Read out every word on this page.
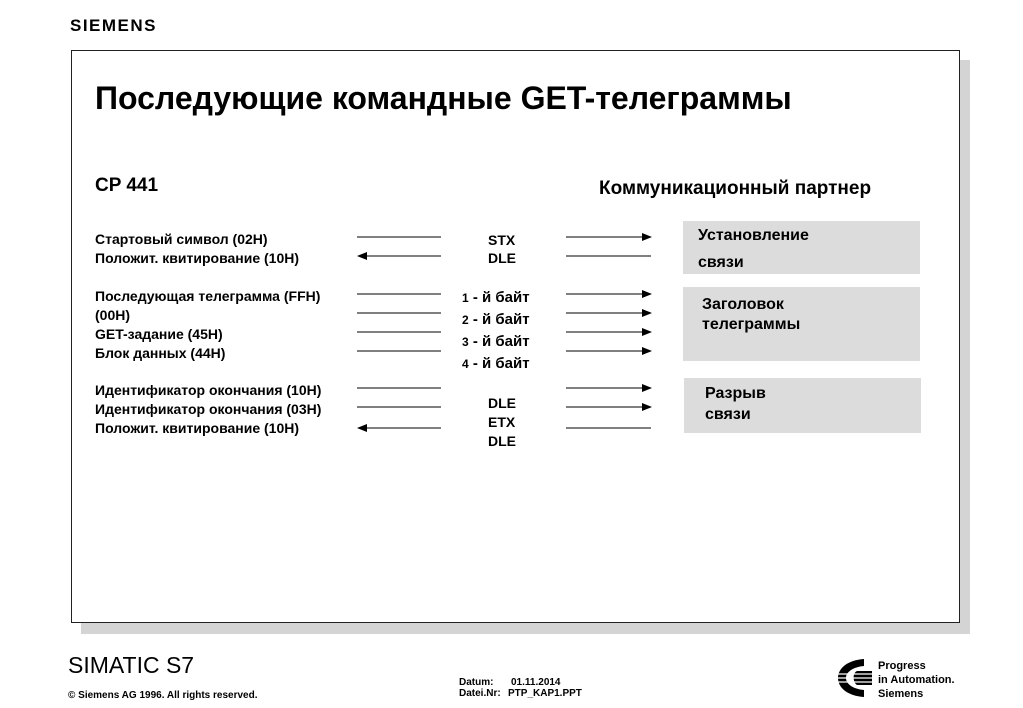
SIEMENS
Последующие командные GET-телеграммы
CP 441	Коммуникационный партнер
Стартовый символ (02H)
Положит. квитирование (10H)
Последующая телеграмма (FFH)
(00H)
GET-задание (45H)
Блок данных (44H)
Идентификатор окончания (10H)
Идентификатор окончания (03H)
Положит. квитирование (10H)
STX
DLE
DLE
ETX
DLE
1 - й байт
2 - й байт
3 - й байт
4 - й байт
Установление
связи
Заголовок
телеграммы
Разрыв
связи
SIMATIC S7
© Siemens AG 1996. All rights reserved.
Datum: 01.11.2014
Datei.Nr: PTP_KAP1.PPT
Progress
in Automation.
Siemens
